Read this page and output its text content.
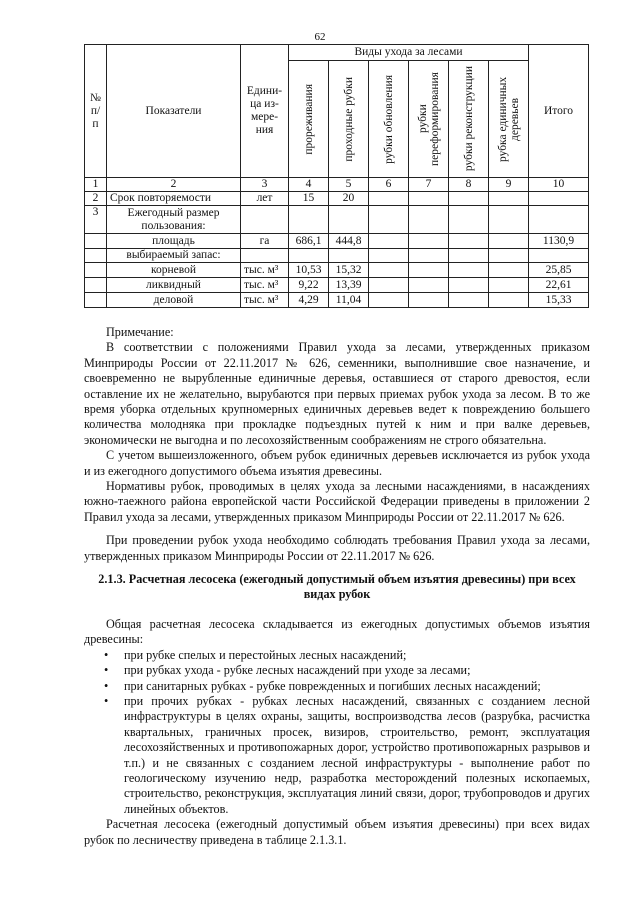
62
№ п/п	Показатели	Едини- ца из- мере- ния	Виды ухода за лесами						Итого

			прореживания	проходные рубки	рубки обновления	рубки переформирования	рубки реконструкции	рубка единичных деревьев	

1	2	3	4	5	6	7	8	9	10
2	Срок повторяемости	лет	15	20					
3	Ежегодный размер пользования:								
	площадь	га	686,1	444,8					1130,9
	выбираемый запас:								
	корневой	тыс. м³	10,53	15,32					25,85
	ликвидный	тыс. м³	9,22	13,39					22,61
	деловой	тыс. м³	4,29	11,04					15,33

Примечание:

В соответствии с положениями Правил ухода за лесами, утвержденных приказом Минприроды России от 22.11.2017 № 626, семенники, выполнившие свое назначение, и своевременно не вырубленные единичные деревья, оставшиеся от старого древостоя, если оставление их не желательно, вырубаются при первых приемах рубок ухода за лесом. В то же время уборка отдельных крупномерных единичных деревьев ведет к повреждению большего количества молодняка при прокладке подъездных путей к ним и при валке деревьев, экономически не выгодна и по лесохозяйственным соображениям не строго обязательна.

С учетом вышеизложенного, объем рубок единичных деревьев исключается из рубок ухода и из ежегодного допустимого объема изъятия древесины.

Нормативы рубок, проводимых в целях ухода за лесными насаждениями, в насаждениях южно-таежного района европейской части Российской Федерации приведены в приложении 2 Правил ухода за лесами, утвержденных приказом Минприроды России от 22.11.2017 № 626.

При проведении рубок ухода необходимо соблюдать требования Правил ухода за лесами, утвержденных приказом Минприроды России от 22.11.2017 № 626.

2.1.3. Расчетная лесосека (ежегодный допустимый объем изъятия древесины) при всех видах рубок

Общая расчетная лесосека складывается из ежегодных допустимых объемов изъятия древесины:

• при рубке спелых и перестойных лесных насаждений;
• при рубках ухода - рубке лесных насаждений при уходе за лесами;
• при санитарных рубках - рубке поврежденных и погибших лесных насаждений;
• при прочих рубках - рубках лесных насаждений, связанных с созданием лесной инфраструктуры в целях охраны, защиты, воспроизводства лесов (разрубка, расчистка квартальных, граничных просек, визиров, строительство, ремонт, эксплуатация лесохозяйственных и противопожарных дорог, устройство противопожарных разрывов и т.п.) и не связанных с созданием лесной инфраструктуры - выполнение работ по геологическому изучению недр, разработка месторождений полезных ископаемых, строительство, реконструкция, эксплуатация линий связи, дорог, трубопроводов и других линейных объектов.

Расчетная лесосека (ежегодный допустимый объем изъятия древесины) при всех видах рубок по лесничеству приведена в таблице 2.1.3.1.
